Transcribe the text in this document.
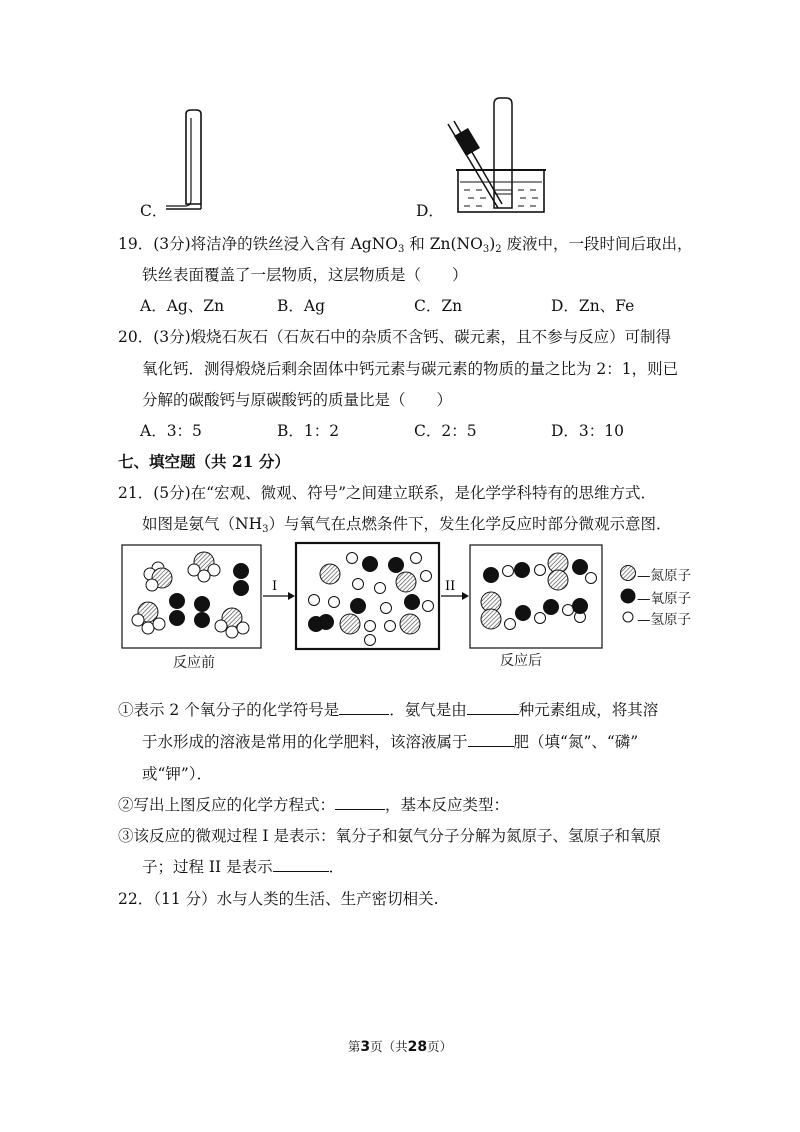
C．	D．
19．(3分)将洁净的铁丝浸入含有 AgNO$_3$ 和 $Zn(NO_3)_2$ 废液中，一段时间后取出，
铁丝表面覆盖了一层物质，这层物质是（　　）
A．Ag、Zn	B．Ag	C．Zn	D．Zn、Fe
20．(3分)煅烧石灰石（石灰石中的杂质不含钙、碳元素，且不参与反应）可制得
氧化钙．测得煅烧后剩余固体中钙元素与碳元素的物质的量之比为 2：1，则已
分解的碳酸钙与原碳酸钙的质量比是（　　）
A．3：5	B．1：2	C．2：5	D．3：10
七、填空题（共 21 分）
21．(5分)在“宏观、微观、符号”之间建立联系，是化学学科特有的思维方式．
如图是氨气$(NH_3)$与氧气在点燃条件下，发生化学反应时部分微观示意图．
I	II
—氮原子
—氧原子
—氢原子
反应前	反应后
①表示 2 个氧分子的化学符号是	．氨气是由	种元素组成，将其溶
于水形成的溶液是常用的化学肥料，该溶液属于	肥（填“氮”、“磷”
或“钾”）．
②写出上图反应的化学方程式：	，基本反应类型：
③该反应的微观过程 I 是表示：氧分子和氨气分子分解为氮原子、氢原子和氧原
子；过程 II 是表示	．
22．（11 分）水与人类的生活、生产密切相关.
第3页（共28页）
